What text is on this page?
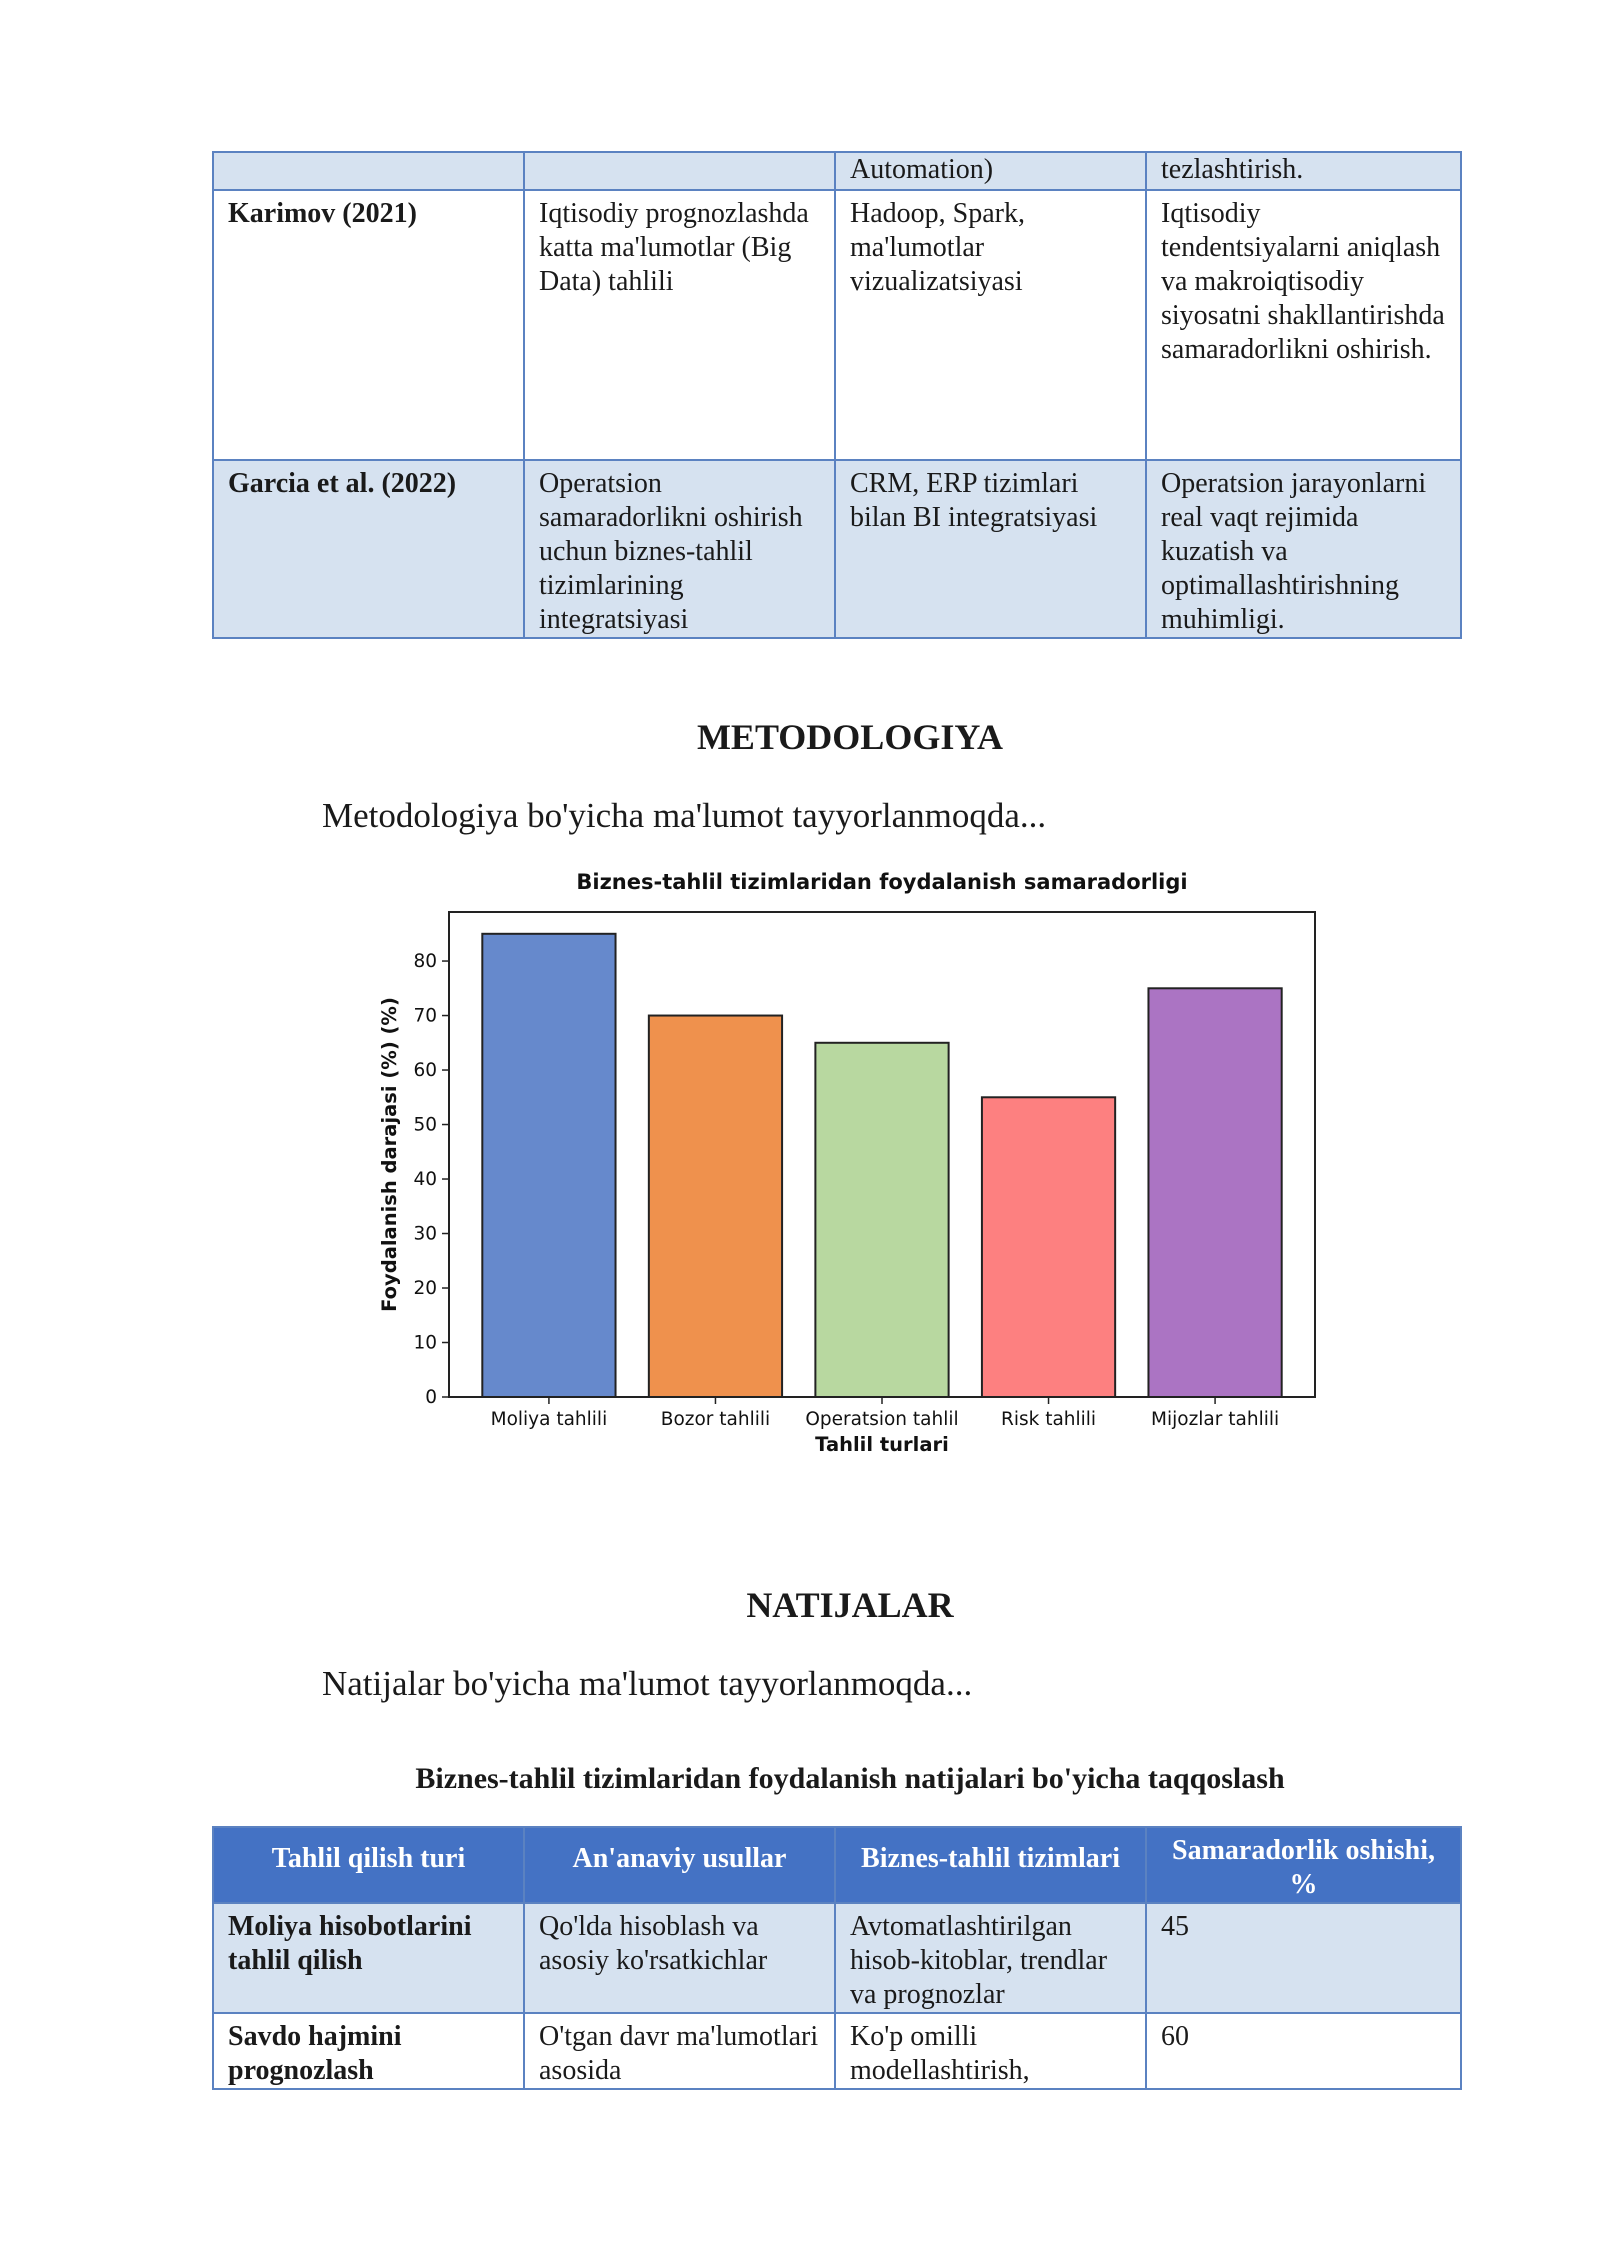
		Automation)	tezlashtirish.
Karimov (2021)	Iqtisodiy prognozlashda katta ma'lumotlar (Big Data) tahlili	Hadoop, Spark, ma'lumotlar vizualizatsiyasi	Iqtisodiy tendentsiyalarni aniqlash va makroiqtisodiy siyosatni shakllantirishda samaradorlikni oshirish.
Garcia et al. (2022)	Operatsion samaradorlikni oshirish uchun biznes-tahlil tizimlarining integratsiyasi	CRM, ERP tizimlari bilan BI integratsiyasi	Operatsion jarayonlarni real vaqt rejimida kuzatish va optimallashtirishning muhimligi.
METODOLOGIYA
Metodologiya bo'yicha ma'lumot tayyorlanmoqda...
Biznes-tahlil tizimlaridan foydalanish samaradorligi
Moliya tahlili	Bozor tahlili Operatsion tahlil Risk tahlili	Mijozlar tahlili
0
10
20
30
40
50
60
70
80
Tahlil turlari
Foydalanish darajasi (%) (%)
NATIJALAR
Natijalar bo'yicha ma'lumot tayyorlanmoqda...
Biznes-tahlil tizimlaridan foydalanish natijalari bo'yicha taqqoslash
Tahlil qilish turi	An'anaviy usullar	Biznes-tahlil tizimlari	Samaradorlik oshishi, %
Moliya hisobotlarini tahlil qilish	Qo'lda hisoblash va asosiy ko'rsatkichlar	Avtomatlashtirilgan hisob-kitoblar, trendlar va prognozlar	45
Savdo hajmini prognozlash	O'tgan davr ma'lumotlari asosida	Ko'p omilli modellashtirish,	60
